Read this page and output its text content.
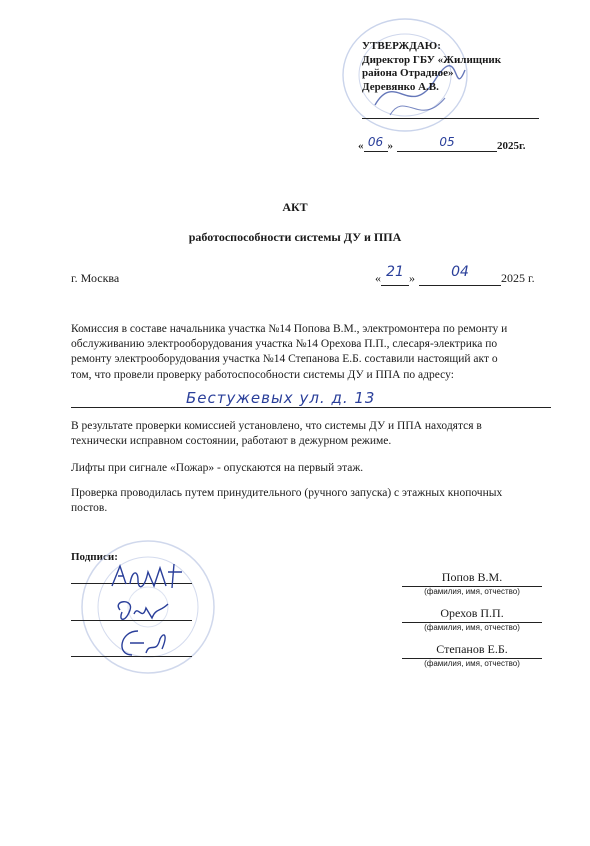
УТВЕРЖДАЮ:
Директор ГБУ «Жилищник
района Отрадное»
Деревянко А.В.
« 06 »	05	2025г.
АКТ
работоспособности системы ДУ и ППА
г. Москва	« 21 »	04	2025 г.
Комиссия в составе начальника участка №14 Попова В.М., электромонтера по ремонту и
обслуживанию электрооборудования участка №14 Орехова П.П., слесаря-электрика по
ремонту электрооборудования участка №14 Степанова Е.Б. составили настоящий акт о
том, что провели проверку работоспособности системы ДУ и ППА по адресу:
Бестужевых ул. д. 13
В результате проверки комиссией установлено, что системы ДУ и ППА находятся в
технически исправном состоянии, работают в дежурном режиме.
Лифты при сигнале «Пожар» - опускаются на первый этаж.
Проверка проводилась путем принудительного (ручного запуска) с этажных кнопочных
постов.
Подписи:
Попов В.М.
(фамилия, имя, отчество)
Орехов П.П.
(фамилия, имя, отчество)
Степанов Е.Б.
(фамилия, имя, отчество)
